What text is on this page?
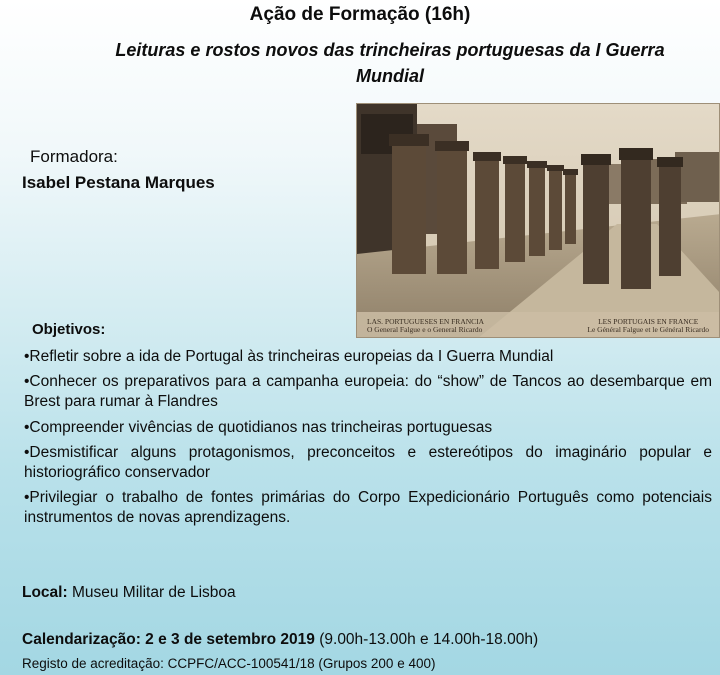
Ação de Formação (16h)
Leituras e rostos novos das trincheiras portuguesas da I Guerra
Mundial
LAS. PORTUGUESES EN FRANCIA
O General Falgue e o General Ricardo
LES PORTUGAIS EN FRANCE
Le Général Falgue et le Général Ricardo
Formadora:
Isabel Pestana Marques
Objetivos:
•Refletir sobre a ida de Portugal às trincheiras europeias da I Guerra Mundial
•Conhecer os preparativos para a campanha europeia: do “show” de Tancos ao desembarque em Brest para rumar à Flandres
•Compreender vivências de quotidianos nas trincheiras portuguesas
•Desmistificar alguns protagonismos, preconceitos e estereótipos do imaginário popular e historiográfico conservador
•Privilegiar o trabalho de fontes primárias do Corpo Expedicionário Português como potenciais instrumentos de novas aprendizagens.
Local: Museu Militar de Lisboa
Calendarização: 2 e 3 de setembro 2019 (9.00h-13.00h e 14.00h-18.00h)
Registo de acreditação: CCPFC/ACC-100541/18 (Grupos 200 e 400)
